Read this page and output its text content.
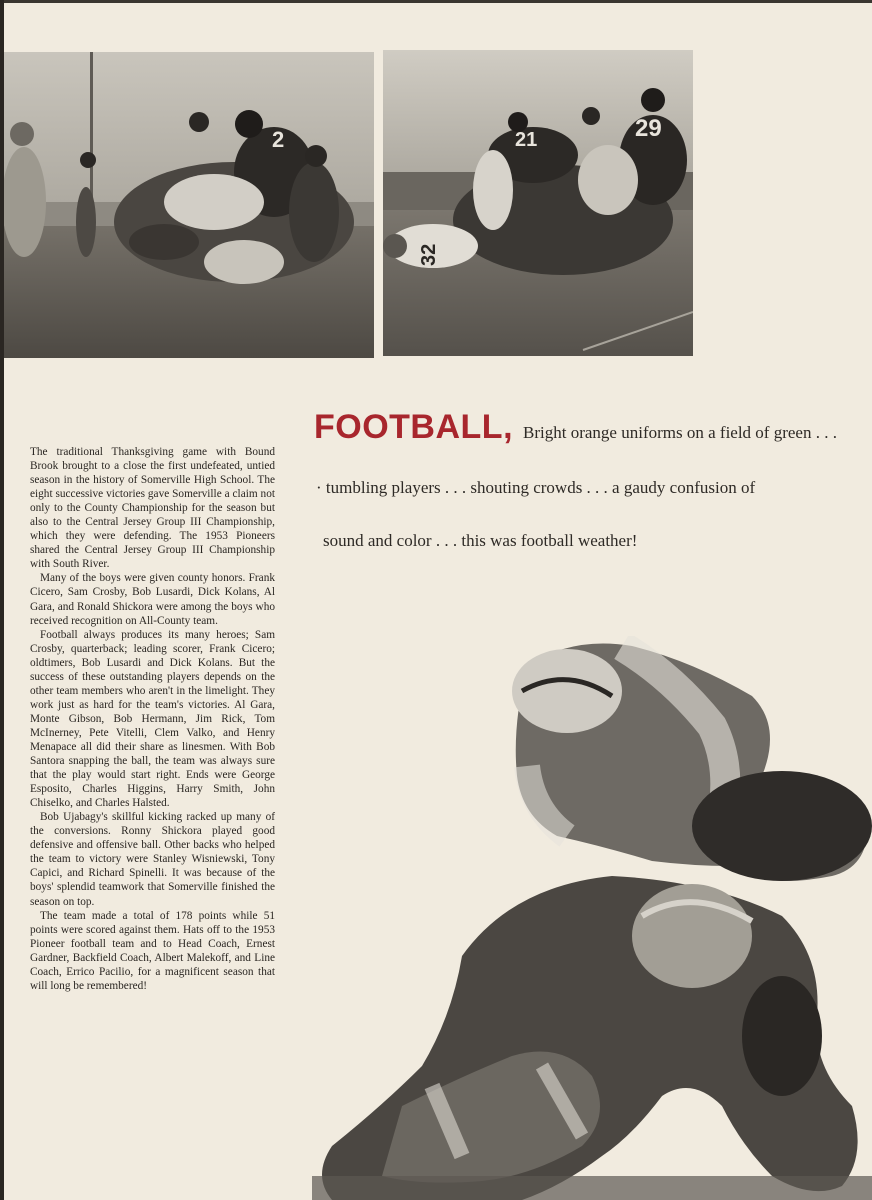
2	29
21
32
FOOTBALL, Bright orange uniforms on a field of green . . .
· tumbling players . . . shouting crowds . . . a gaudy confusion of
sound and color . . . this was football weather!

The traditional Thanksgiving game with Bound Brook brought to a close the first undefeated, untied season in the history of Somerville High School. The eight successive victories gave Somerville a claim not only to the County Championship for the season but also to the Central Jersey Group III Championship, which they were defending. The 1953 Pioneers shared the Central Jersey Group III Championship with South River.

Many of the boys were given county honors. Frank Cicero, Sam Crosby, Bob Lusardi, Dick Kolans, Al Gara, and Ronald Shickora were among the boys who received recognition on All-County team.

Football always produces its many heroes; Sam Crosby, quarterback; leading scorer, Frank Cicero; oldtimers, Bob Lusardi and Dick Kolans. But the success of these outstanding players depends on the other team members who aren't in the limelight. They work just as hard for the team's victories. Al Gara, Monte Gibson, Bob Hermann, Jim Rick, Tom McInerney, Pete Vitelli, Clem Valko, and Henry Menapace all did their share as linesmen. With Bob Santora snapping the ball, the team was always sure that the play would start right. Ends were George Esposito, Charles Higgins, Harry Smith, John Chiselko, and Charles Halsted.

Bob Ujabagy's skillful kicking racked up many of the conversions. Ronny Shickora played good defensive and offensive ball. Other backs who helped the team to victory were Stanley Wisniewski, Tony Capici, and Richard Spinelli. It was because of the boys' splendid teamwork that Somerville finished the season on top.

The team made a total of 178 points while 51 points were scored against them. Hats off to the 1953 Pioneer football team and to Head Coach, Ernest Gardner, Backfield Coach, Albert Malekoff, and Line Coach, Errico Pacilio, for a magnificent season that will long be remembered!
